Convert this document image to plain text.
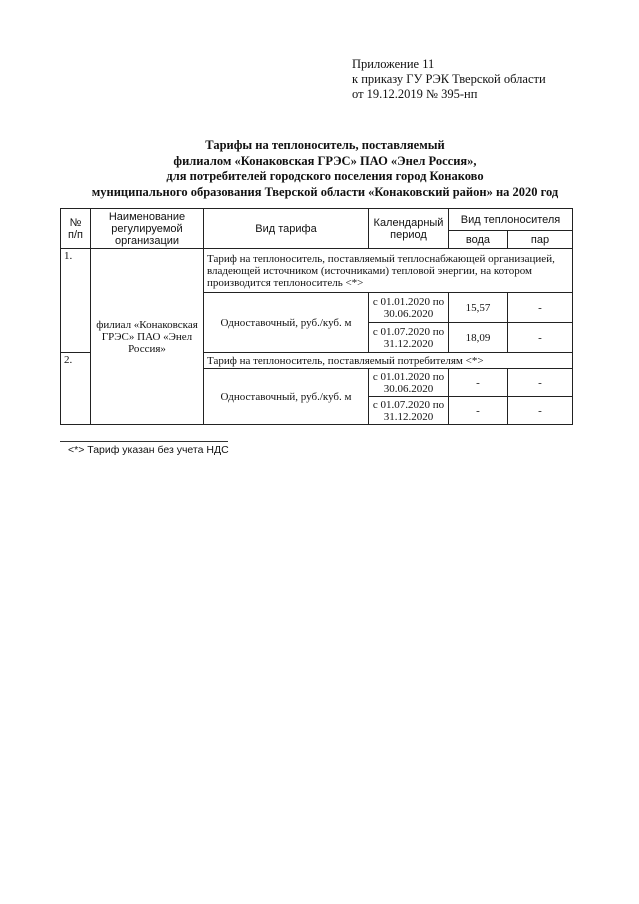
Приложение 11
к приказу ГУ РЭК Тверской области
от 19.12.2019 № 395-нп
Тарифы на теплоноситель, поставляемый
филиалом «Конаковская ГРЭС» ПАО «Энел Россия»,
для потребителей городского поселения город Конаково
муниципального образования Тверской области «Конаковский район» на 2020 год
№ п/п	Наименование регулируемой организации	Вид тарифа	Календарный период	Вид теплоносителя	
				вода	пар
1.	филиал «Конаковская ГРЭС» ПАО «Энел Россия»	Тариф на теплоноситель, поставляемый теплоснабжающей организацией, владеющей источником (источниками) тепловой энергии, на котором производится теплоноситель <*>			
		Одноставочный, руб./куб. м	с 01.01.2020 по 30.06.2020	15,57	-
			с 01.07.2020 по 31.12.2020	18,09	-
2.		Тариф на теплоноситель, поставляемый потребителям <*>			
		Одноставочный, руб./куб. м	с 01.01.2020 по 30.06.2020	-	-
			с 01.07.2020 по 31.12.2020	-	-
<*> Тариф указан без учета НДС
